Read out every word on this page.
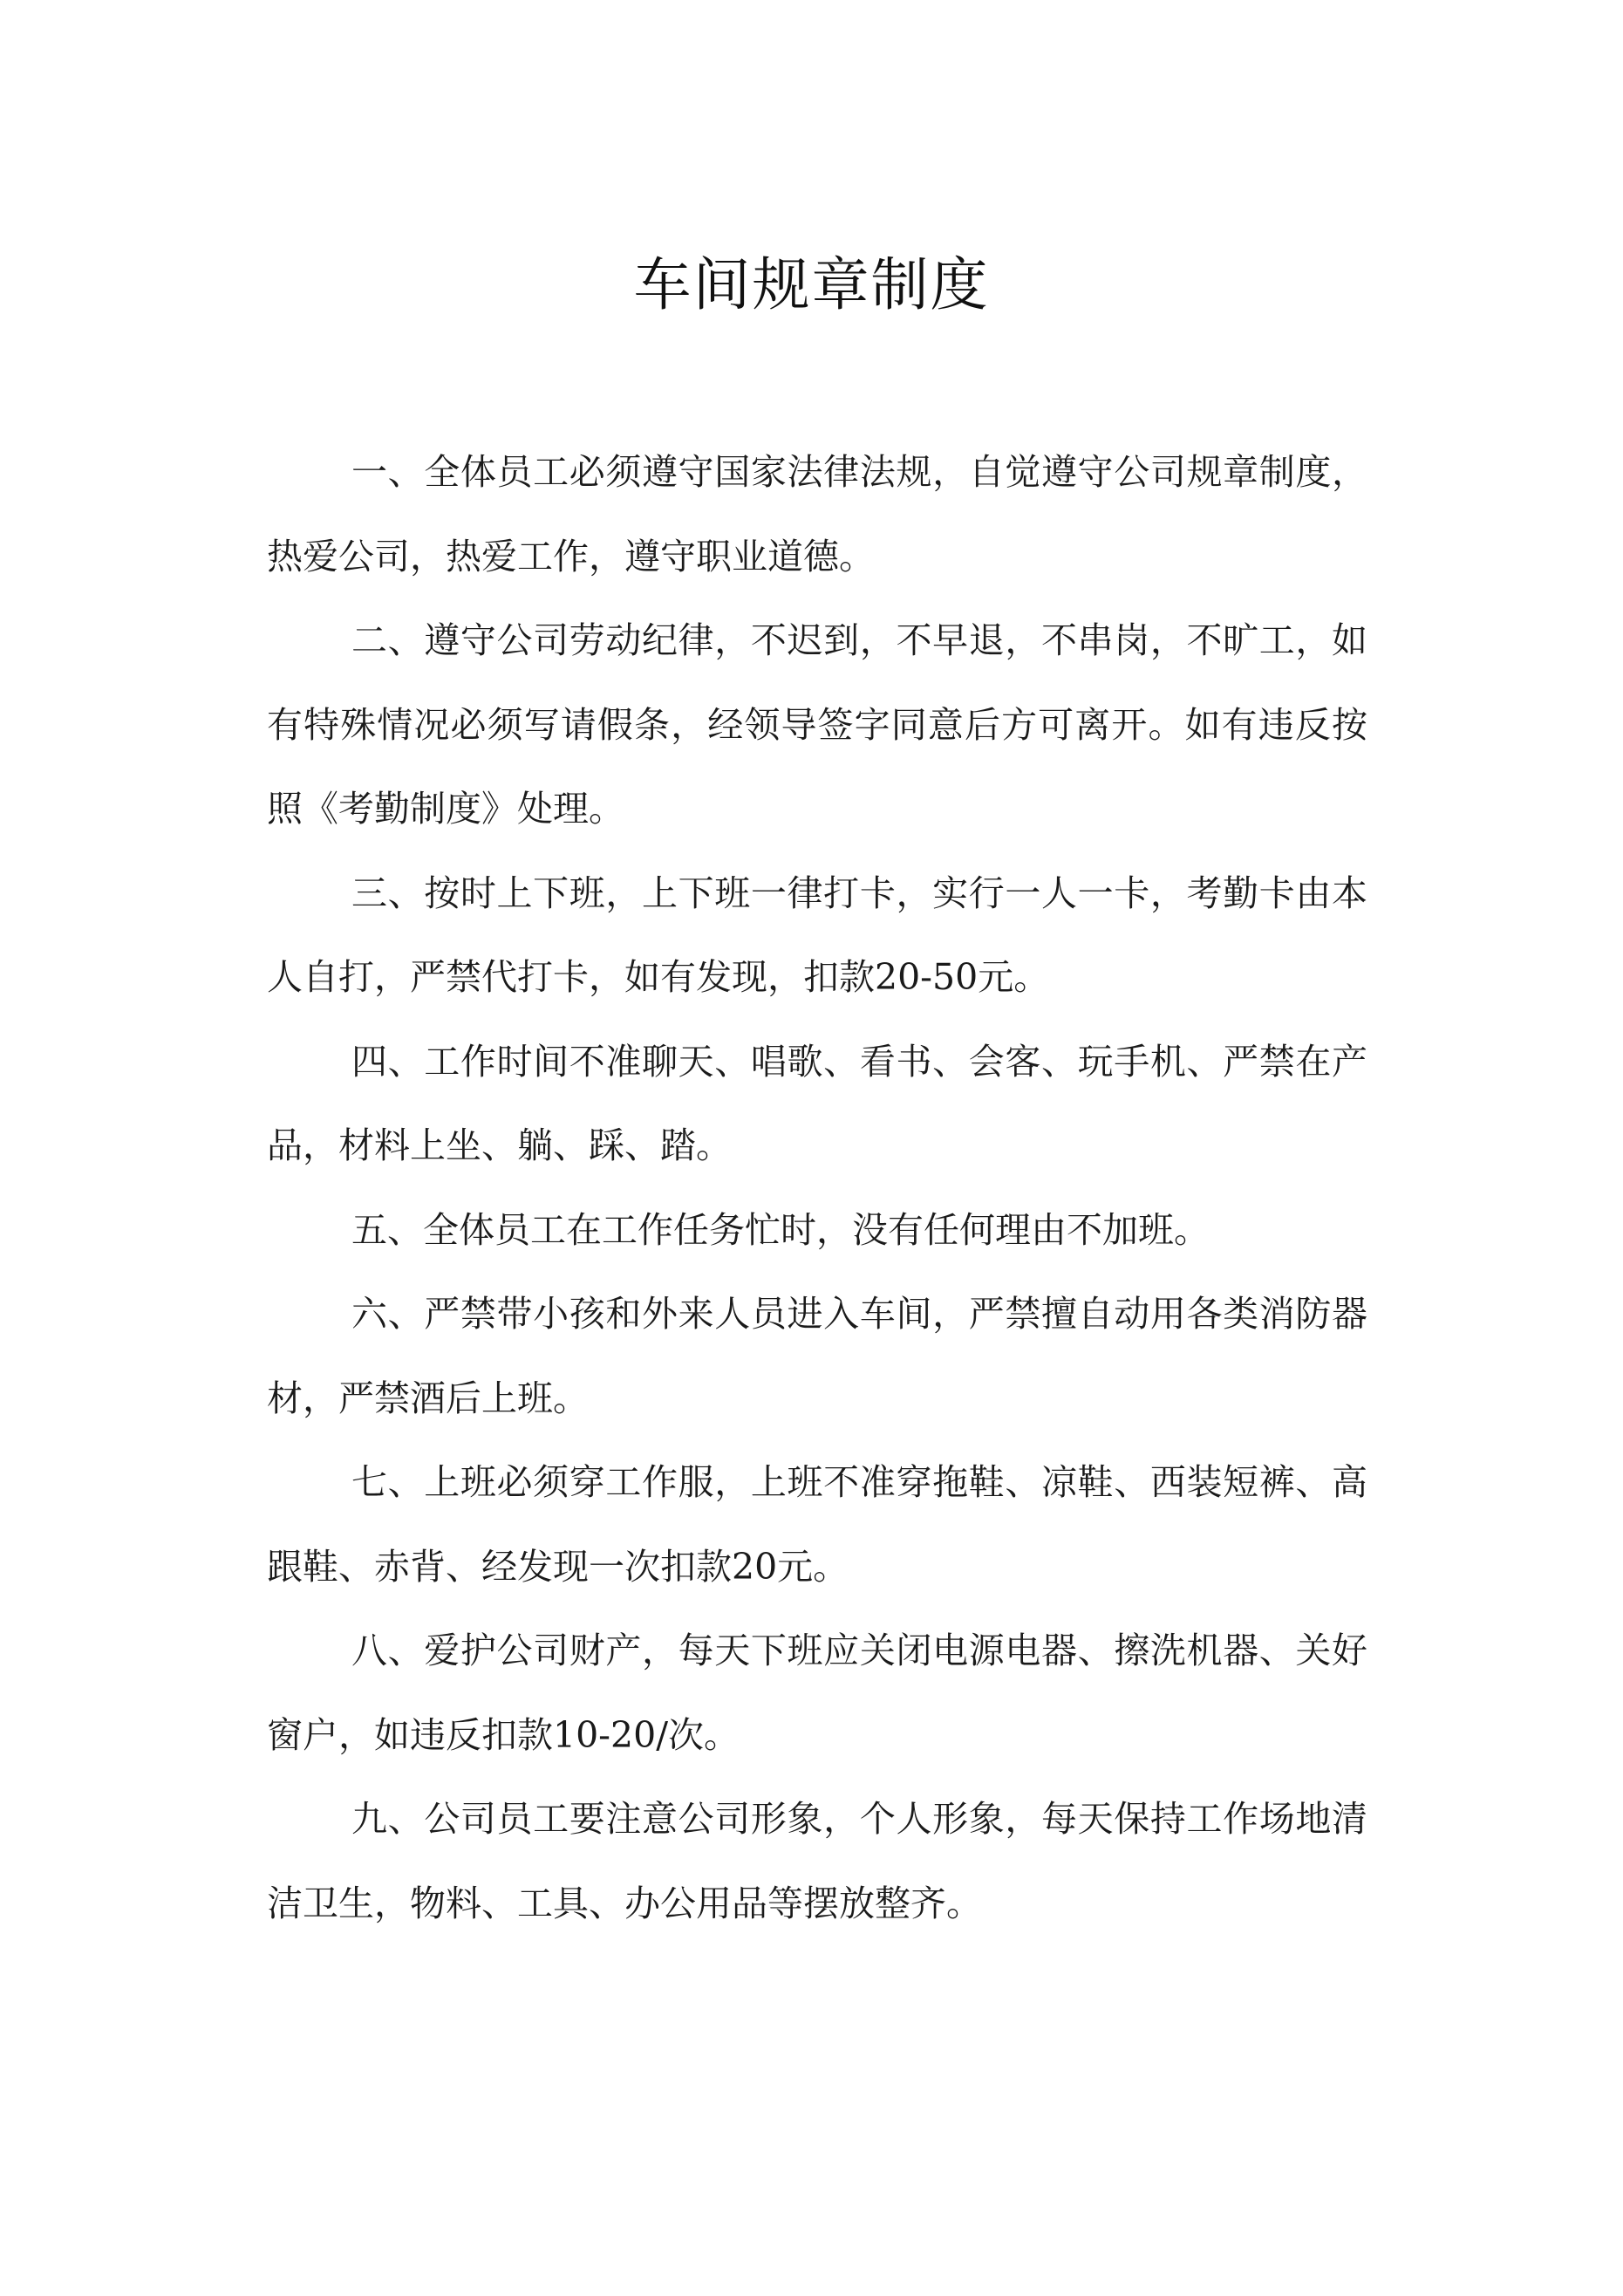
车间规章制度

一、全体员工必须遵守国家法律法规，自觉遵守公司规章制度，热爱公司，热爱工作，遵守职业道德。

二、遵守公司劳动纪律，不迟到，不早退，不串岗，不旷工，如有特殊情况必须写请假条，经领导签字同意后方可离开。如有违反按照《考勤制度》处理。

三、按时上下班，上下班一律打卡，实行一人一卡，考勤卡由本人自打，严禁代打卡，如有发现，扣款20-50元。

四、工作时间不准聊天、唱歌、看书、会客、玩手机、严禁在产品，材料上坐、躺、踩、踏。

五、全体员工在工作任务忙时，没有任何理由不加班。

六、严禁带小孩和外来人员进入车间，严禁擅自动用各类消防器材，严禁酒后上班。

七、上班必须穿工作服，上班不准穿拖鞋、凉鞋、西装短裤、高跟鞋、赤背、经发现一次扣款20元。

八、爱护公司财产，每天下班应关闭电源电器、擦洗机器、关好窗户，如违反扣款10-20/次。

九、公司员工要注意公司形象，个人形象，每天保持工作场地清洁卫生，物料、工具、办公用品等摆放整齐。
